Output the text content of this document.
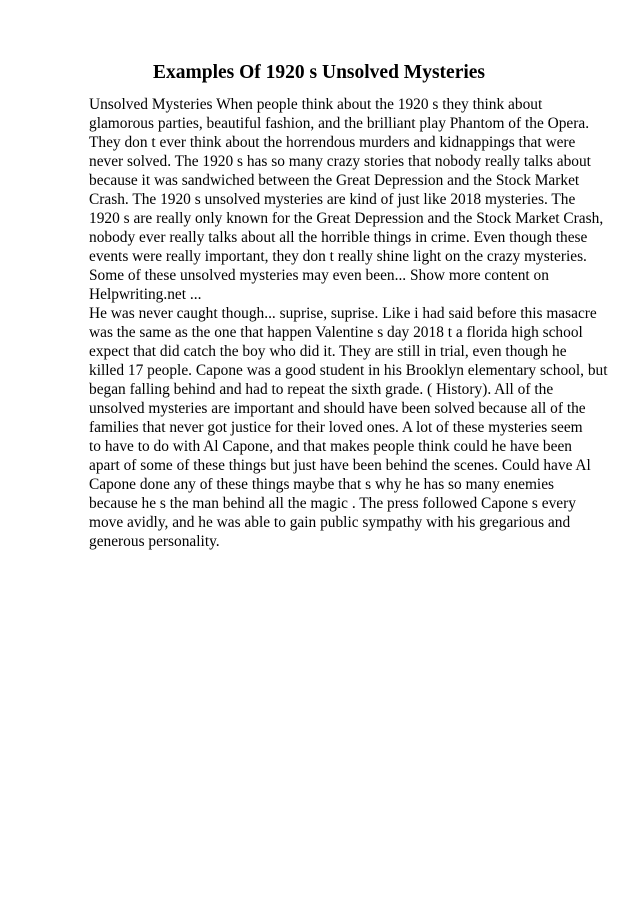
Examples Of 1920 s Unsolved Mysteries

Unsolved Mysteries When people think about the 1920 s they think about

glamorous parties, beautiful fashion, and the brilliant play Phantom of the Opera.

They don t ever think about the horrendous murders and kidnappings that were

never solved. The 1920 s has so many crazy stories that nobody really talks about

because it was sandwiched between the Great Depression and the Stock Market

Crash. The 1920 s unsolved mysteries are kind of just like 2018 mysteries. The

1920 s are really only known for the Great Depression and the Stock Market Crash,

nobody ever really talks about all the horrible things in crime. Even though these

events were really important, they don t really shine light on the crazy mysteries.

Some of these unsolved mysteries may even been... Show more content on

Helpwriting.net ...

He was never caught though... suprise, suprise. Like i had said before this masacre

was the same as the one that happen Valentine s day 2018 t a florida high school

expect that did catch the boy who did it. They are still in trial, even though he

killed 17 people. Capone was a good student in his Brooklyn elementary school, but

began falling behind and had to repeat the sixth grade. ( History). All of the

unsolved mysteries are important and should have been solved because all of the

families that never got justice for their loved ones. A lot of these mysteries seem

to have to do with Al Capone, and that makes people think could he have been

apart of some of these things but just have been behind the scenes. Could have Al

Capone done any of these things maybe that s why he has so many enemies

because he s the man behind all the magic . The press followed Capone s every

move avidly, and he was able to gain public sympathy with his gregarious and

generous personality.
